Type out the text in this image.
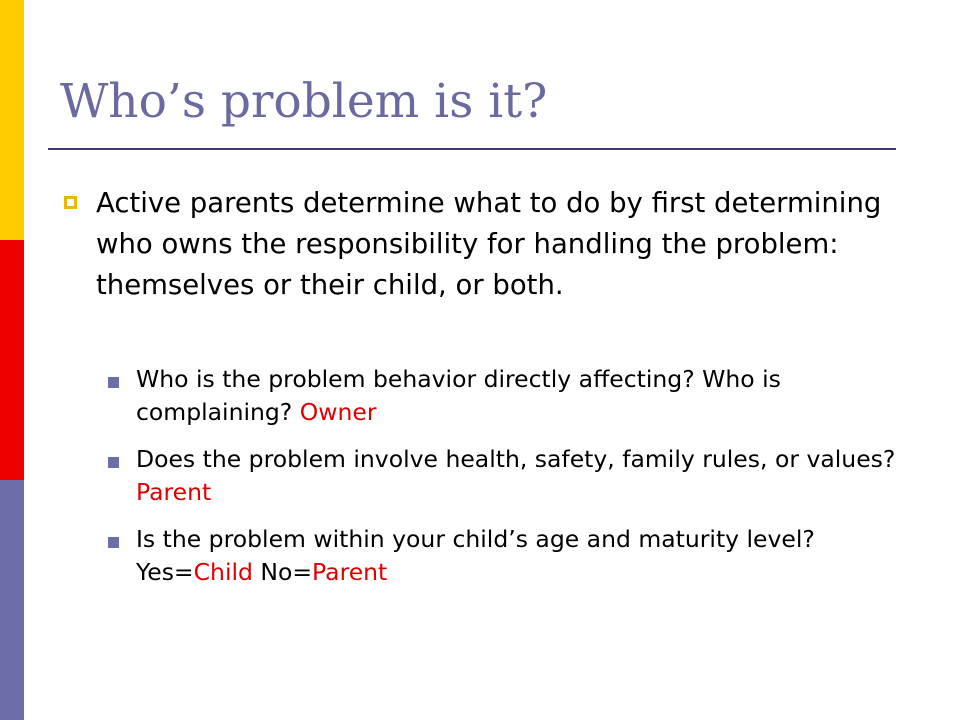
Who’s problem is it?

Active parents determine what to do by first determining who owns the responsibility for handling the problem: themselves or their child, or both.

Who is the problem behavior directly affecting? Who is complaining? Owner

Does the problem involve health, safety, family rules, or values? Parent

Is the problem within your child’s age and maturity level? Yes=Child No=Parent
